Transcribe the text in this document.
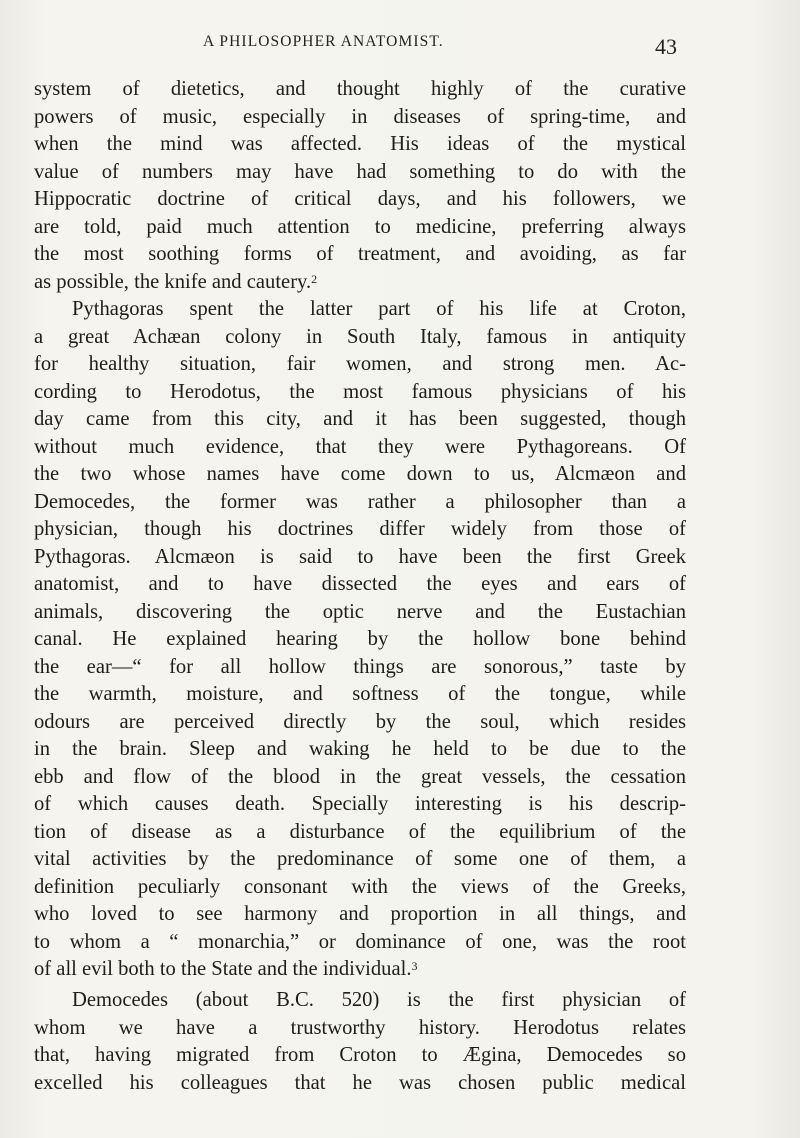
A PHILOSOPHER ANATOMIST.	43
system of dietetics, and thought highly of the curative
powers of music, especially in diseases of spring-time, and
when the mind was affected. His ideas of the mystical
value of numbers may have had something to do with the
Hippocratic doctrine of critical days, and his followers, we
are told, paid much attention to medicine, preferring always
the most soothing forms of treatment, and avoiding, as far
as possible, the knife and cautery.$^2$
Pythagoras spent the latter part of his life at Croton,
a great Achæan colony in South Italy, famous in antiquity
for healthy situation, fair women, and strong men. Ac-
cording to Herodotus, the most famous physicians of his
day came from this city, and it has been suggested, though
without much evidence, that they were Pythagoreans. Of
the two whose names have come down to us, Alcmæon and
Democedes, the former was rather a philosopher than a
physician, though his doctrines differ widely from those of
Pythagoras. Alcmæon is said to have been the first Greek
anatomist, and to have dissected the eyes and ears of
animals, discovering the optic nerve and the Eustachian
canal. He explained hearing by the hollow bone behind
the ear—“ for all hollow things are sonorous,” taste by
the warmth, moisture, and softness of the tongue, while
odours are perceived directly by the soul, which resides
in the brain. Sleep and waking he held to be due to the
ebb and flow of the blood in the great vessels, the cessation
of which causes death. Specially interesting is his descrip-
tion of disease as a disturbance of the equilibrium of the
vital activities by the predominance of some one of them, a
definition peculiarly consonant with the views of the Greeks,
who loved to see harmony and proportion in all things, and
to whom a “ monarchia,” or dominance of one, was the root
of all evil both to the State and the individual.$^3$
Democedes (about B.C. 520) is the first physician of
whom we have a trustworthy history. Herodotus relates
that, having migrated from Croton to Ægina, Democedes so
excelled his colleagues that he was chosen public medical
